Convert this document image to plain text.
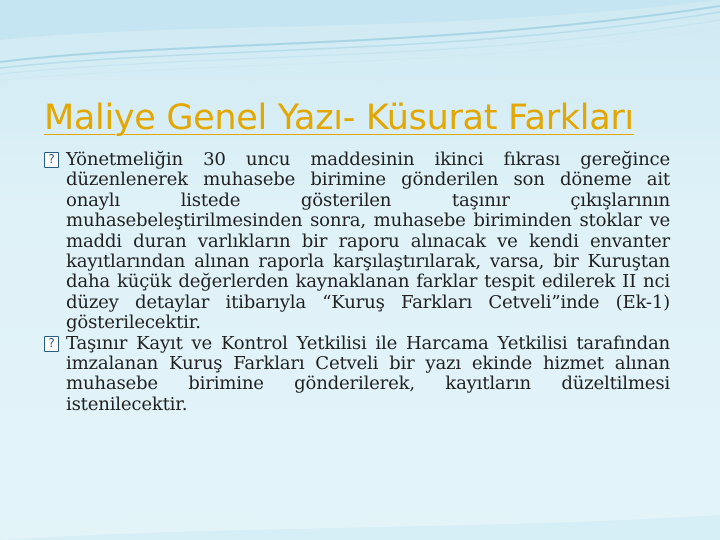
Maliye Genel Yazı- Küsurat Farkları

? Yönetmeliğin 30 uncu maddesinin ikinci fıkrası gereğince düzenlenerek muhasebe birimine gönderilen son döneme ait onaylı listede gösterilen taşınır çıkışlarının muhasebeleştirilmesinden sonra, muhasebe biriminden stoklar ve maddi duran varlıkların bir raporu alınacak ve kendi envanter kayıtlarından alınan raporla karşılaştırılarak, varsa, bir Kuruştan daha küçük değerlerden kaynaklanan farklar tespit edilerek II nci düzey detaylar itibarıyla “Kuruş Farkları Cetveli”inde (Ek-1) gösterilecektir.

? Taşınır Kayıt ve Kontrol Yetkilisi ile Harcama Yetkilisi tarafından imzalanan Kuruş Farkları Cetveli bir yazı ekinde hizmet alınan muhasebe birimine gönderilerek, kayıtların düzeltilmesi istenilecektir.
